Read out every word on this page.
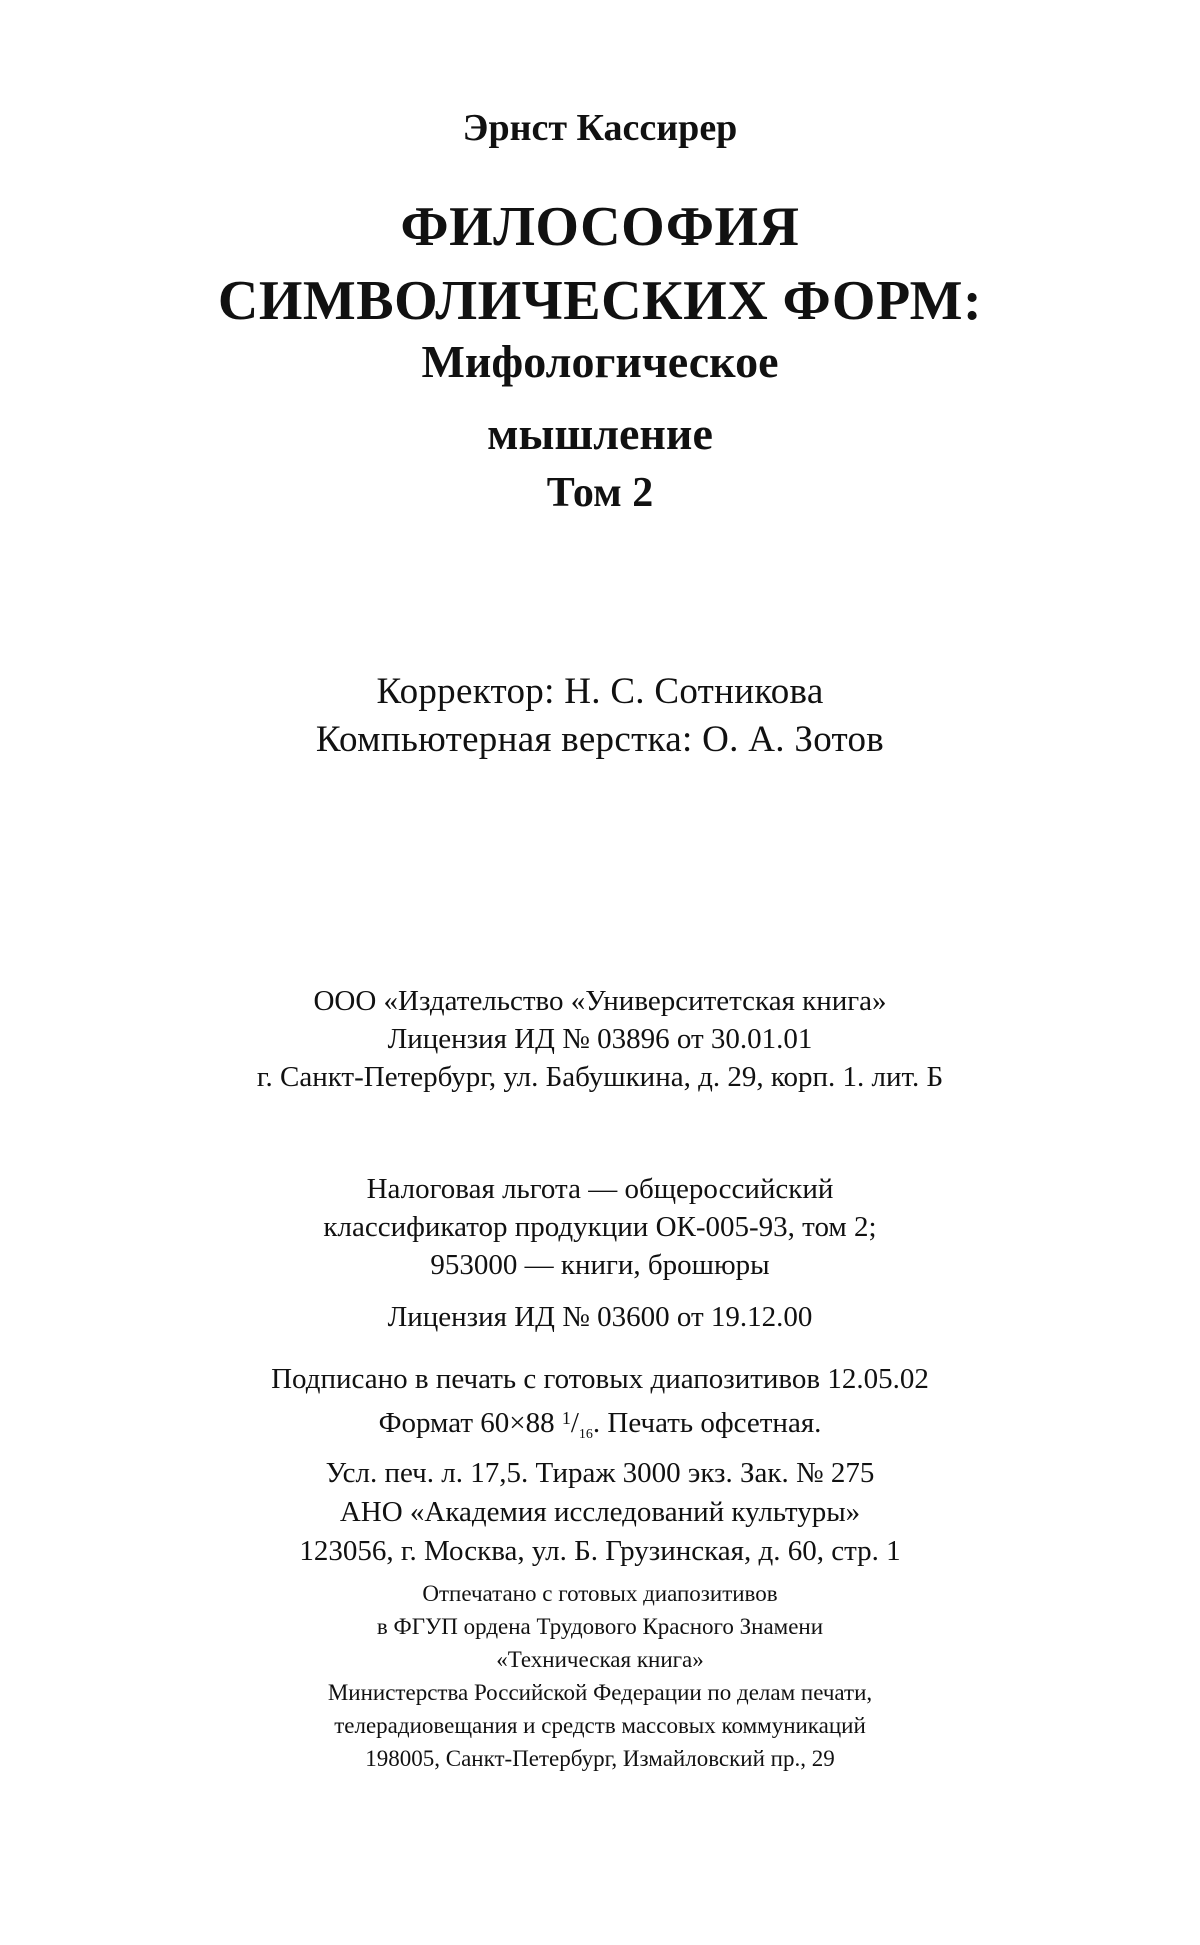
Эрнст Кассирер
ФИЛОСОФИЯ
СИМВОЛИЧЕСКИХ ФОРМ:
Мифологическое
мышление
Том 2
Корректор: Н. С. Сотникова
Компьютерная верстка: О. А. Зотов
ООО «Издательство «Университетская книга»
Лицензия ИД № 03896 от 30.01.01
г. Санкт-Петербург, ул. Бабушкина, д. 29, корп. 1. лит. Б
Налоговая льгота — общероссийский
классификатор продукции ОК-005-93, том 2;
953000 — книги, брошюры
Лицензия ИД № 03600 от 19.12.00
Подписано в печать с готовых диапозитивов 12.05.02
Формат 60×88 $^1/_{16}$. Печать офсетная.
Усл. печ. л. 17,5. Тираж 3000 экз. Зак. № 275
АНО «Академия исследований культуры»
123056, г. Москва, ул. Б. Грузинская, д. 60, стр. 1
Отпечатано с готовых диапозитивов
в ФГУП ордена Трудового Красного Знамени
«Техническая книга»
Министерства Российской Федерации по делам печати,
телерадиовещания и средств массовых коммуникаций
198005, Санкт-Петербург, Измайловский пр., 29
